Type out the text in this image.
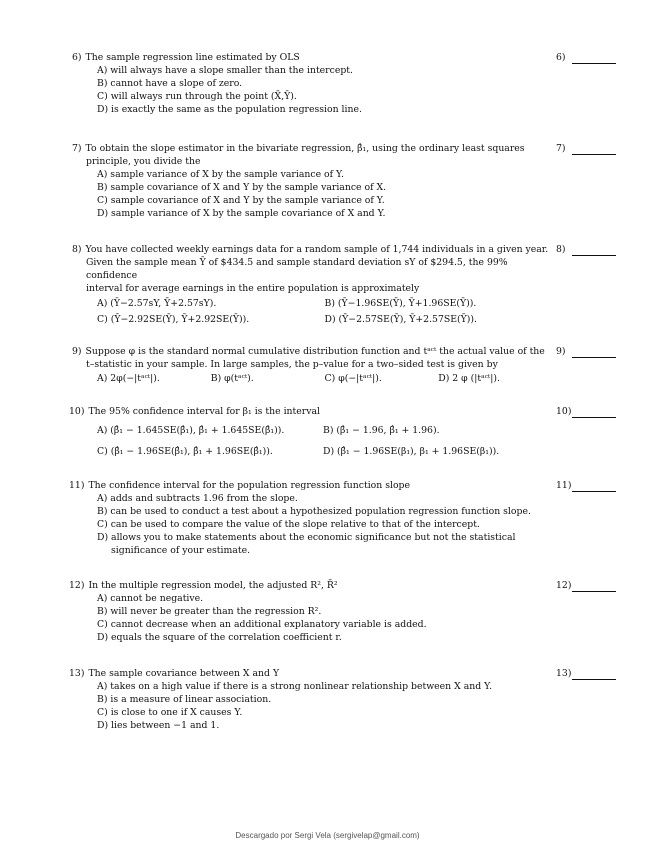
6) The sample regression line estimated by OLS
A) will always have a slope smaller than the intercept.
B) cannot have a slope of zero.
C) will always run through the point (X̄,Ȳ).
D) is exactly the same as the population regression line.
6)
7) To obtain the slope estimator in the bivariate regression, β̂₁, using the ordinary least squares
principle, you divide the
A) sample variance of X by the sample variance of Y.
B) sample covariance of X and Y by the sample variance of X.
C) sample covariance of X and Y by the sample variance of Y.
D) sample variance of X by the sample covariance of X and Y.
7)
8) You have collected weekly earnings data for a random sample of 1,744 individuals in a given year.
Given the sample mean Ȳ of $434.5 and sample standard deviation sY of $294.5, the 99% confidence
interval for average earnings in the entire population is approximately
A) (Ȳ−2.57sY, Ȳ+2.57sY).	B) (Ȳ−1.96SE(Ȳ), Ȳ+1.96SE(Ȳ)).
C) (Ȳ−2.92SE(Ȳ), Ȳ+2.92SE(Ȳ)).	D) (Ȳ−2.57SE(Ȳ), Ȳ+2.57SE(Ȳ)).
8)
9) Suppose φ is the standard normal cumulative distribution function and tᵃᶜᵗ the actual value of the
t–statistic in your sample. In large samples, the p–value for a two–sided test is given by
A) 2φ(−|tᵃᶜᵗ|).	B) φ(tᵃᶜᵗ).	C) φ(−|tᵃᶜᵗ|).	D) 2 φ (|tᵃᶜᵗ|).
9)
10) The 95% confidence interval for β₁ is the interval
A) (β̂₁ − 1.645SE(β̂₁), β̂₁ + 1.645SE(β̂₁)).	B) (β̂₁ − 1.96, β̂₁ + 1.96).
C) (β̂₁ − 1.96SE(β̂₁), β̂₁ + 1.96SE(β̂₁)).	D) (β̂₁ − 1.96SE(β₁), β₁ + 1.96SE(β₁)).
10)
11) The confidence interval for the population regression function slope
A) adds and subtracts 1.96 from the slope.
B) can be used to conduct a test about a hypothesized population regression function slope.
C) can be used to compare the value of the slope relative to that of the intercept.
D) allows you to make statements about the economic significance but not the statistical
significance of your estimate.
11)
12) In the multiple regression model, the adjusted R², R̄²
A) cannot be negative.
B) will never be greater than the regression R².
C) cannot decrease when an additional explanatory variable is added.
D) equals the square of the correlation coefficient r.
12)
13) The sample covariance between X and Y
A) takes on a high value if there is a strong nonlinear relationship between X and Y.
B) is a measure of linear association.
C) is close to one if X causes Y.
D) lies between −1 and 1.
13)
Descargado por Sergi Vela (sergivelap@gmail.com)
